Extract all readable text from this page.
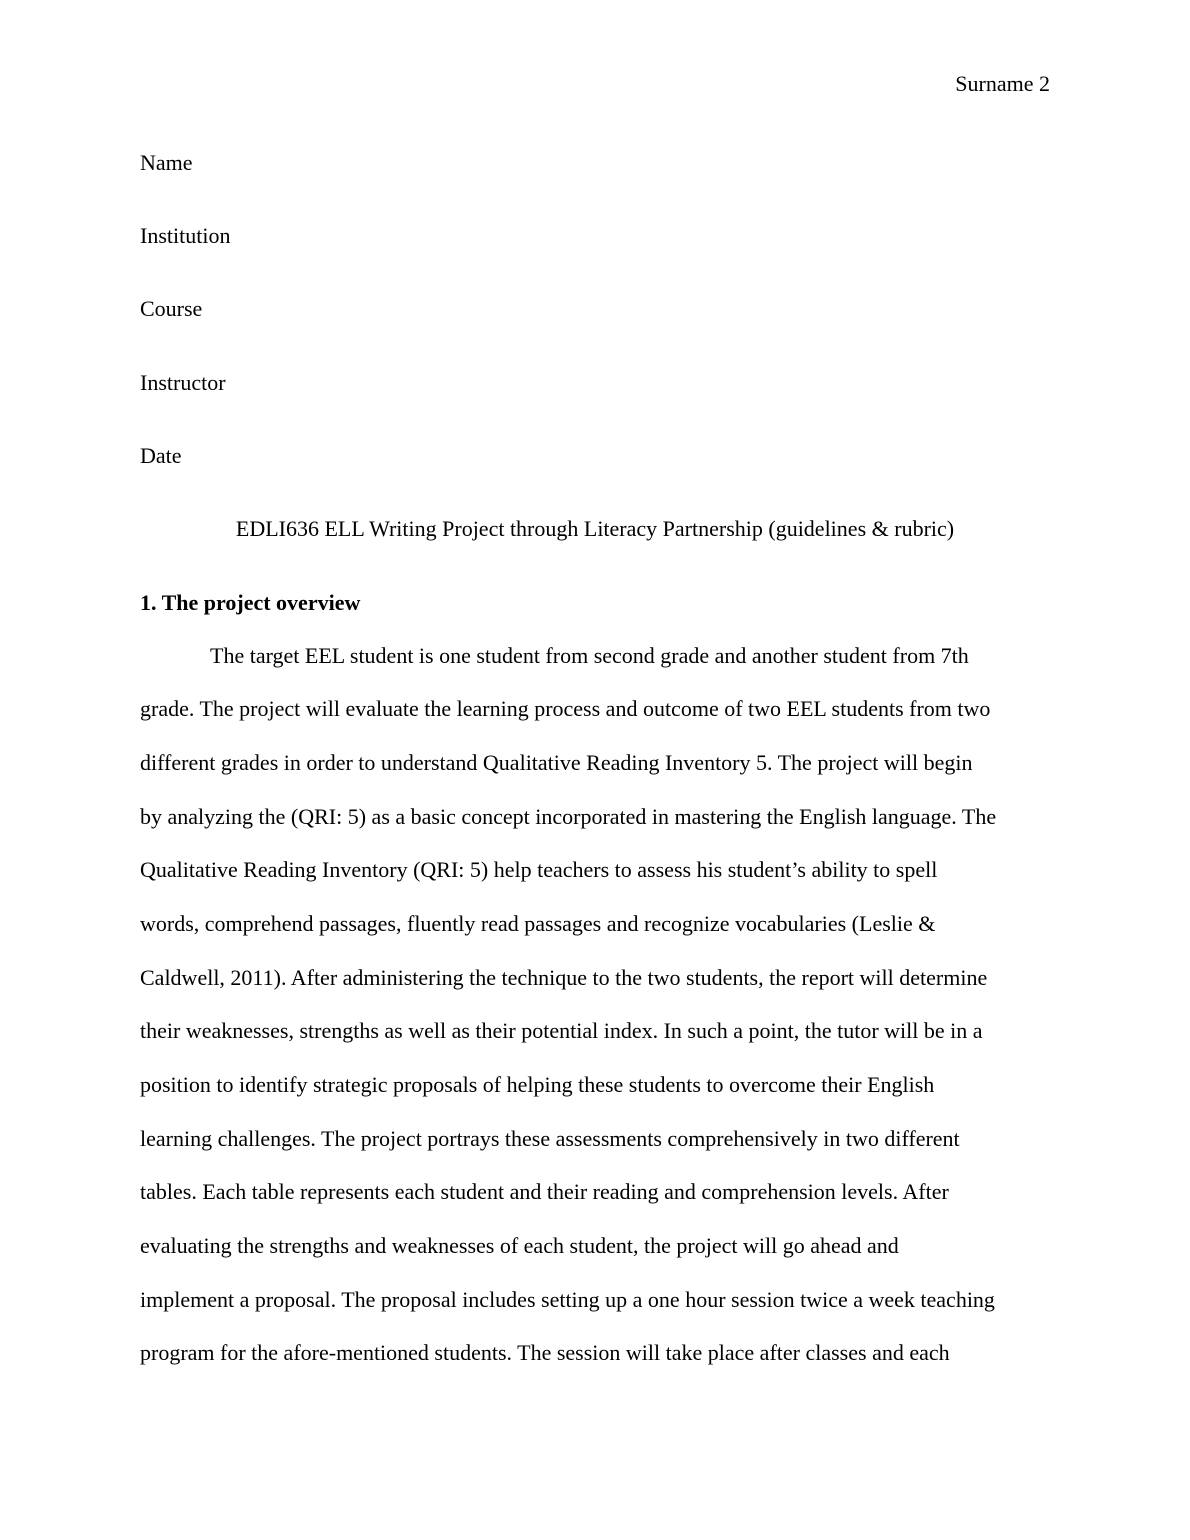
Surname 2
Name
Institution
Course
Instructor
Date
EDLI636 ELL Writing Project through Literacy Partnership (guidelines & rubric)
1. The project overview
The target EEL student is one student from second grade and another student from 7th
grade. The project will evaluate the learning process and outcome of two EEL students from two
different grades in order to understand Qualitative Reading Inventory 5. The project will begin
by analyzing the (QRI: 5) as a basic concept incorporated in mastering the English language. The
Qualitative Reading Inventory (QRI: 5) help teachers to assess his student’s ability to spell
words, comprehend passages, fluently read passages and recognize vocabularies (Leslie &
Caldwell, 2011). After administering the technique to the two students, the report will determine
their weaknesses, strengths as well as their potential index. In such a point, the tutor will be in a
position to identify strategic proposals of helping these students to overcome their English
learning challenges. The project portrays these assessments comprehensively in two different
tables. Each table represents each student and their reading and comprehension levels. After
evaluating the strengths and weaknesses of each student, the project will go ahead and
implement a proposal. The proposal includes setting up a one hour session twice a week teaching
program for the afore-mentioned students. The session will take place after classes and each
